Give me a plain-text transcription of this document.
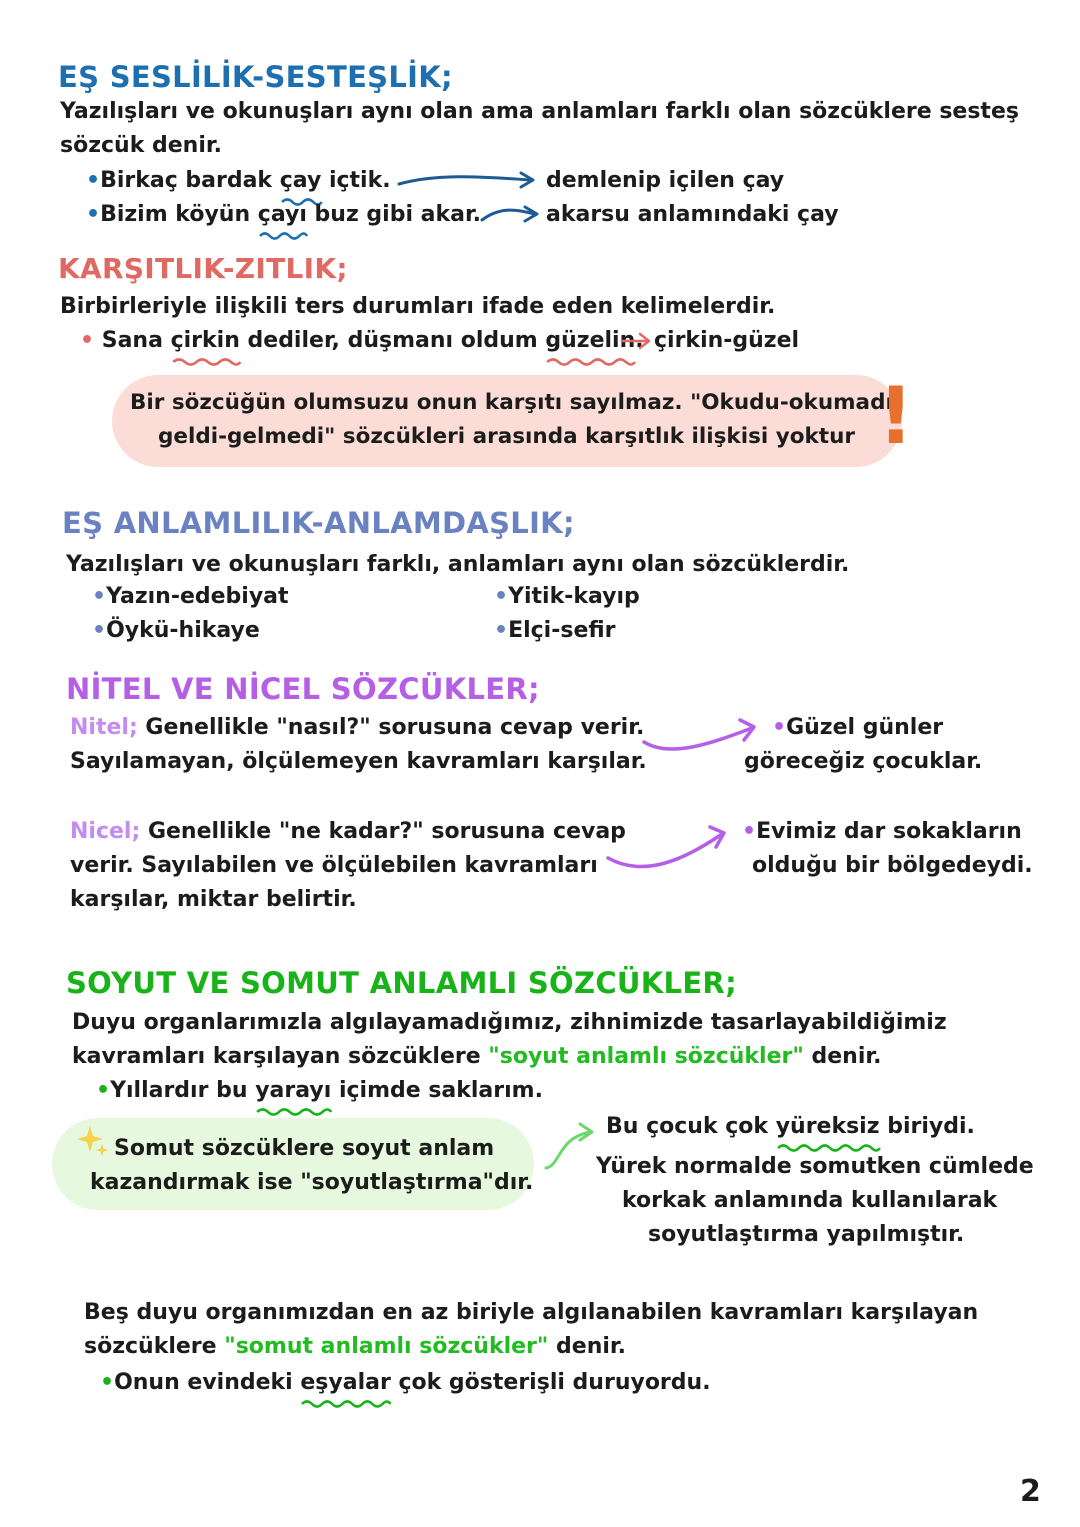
EŞ SESLİLİK-SESTEŞLİK;
Yazılışları ve okunuşları aynı olan ama anlamları farklı olan sözcüklere sesteş
sözcük denir.
•Birkaç bardak çay
içtik.	demlenip içilen çay
•Bizim köyün çayı
buz gibi akar.	akarsu anlamındaki çay
KARŞITLIK-ZITLIK;
Birbirleriyle ilişkili ters durumları ifade eden kelimelerdir.
• Sana çirkin
dediler, düşmanı oldum güzelin
. çirkin-güzel
Bir sözcüğün olumsuzu onun karşıtı sayılmaz. "Okudu-okumadı,
geldi-gelmedi" sözcükleri arasında karşıtlık ilişkisi yoktur !
EŞ ANLAMLILIK-ANLAMDAŞLIK;
Yazılışları ve okunuşları farklı, anlamları aynı olan sözcüklerdir.
•Yazın-edebiyat	•Yitik-kayıp
•Öykü-hikaye	•Elçi-sefir
NİTEL VE NİCEL SÖZCÜKLER;
Nitel; Genellikle "nasıl?" sorusuna cevap verir.
Sayılamayan, ölçülemeyen kavramları karşılar.
•Güzel günler
göreceğiz çocuklar.
Nicel; Genellikle "ne kadar?" sorusuna cevap
verir. Sayılabilen ve ölçülebilen kavramları
karşılar, miktar belirtir.
•Evimiz dar sokakların
olduğu bir bölgedeydi.
SOYUT VE SOMUT ANLAMLI SÖZCÜKLER;
Duyu organlarımızla algılayamadığımız, zihnimizde tasarlayabildiğimiz
kavramları karşılayan sözcüklere "soyut anlamlı sözcükler" denir.
•Yıllardır bu yarayı
içimde saklarım.
Somut sözcüklere soyut anlam
kazandırmak ise "soyutlaştırma"dır.
Bu çocuk çok yüreksiz
biriydi.
Yürek normalde somutken cümlede
korkak anlamında kullanılarak
soyutlaştırma yapılmıştır.
Beş duyu organımızdan en az biriyle algılanabilen kavramları karşılayan
sözcüklere "somut anlamlı sözcükler" denir.
•Onun evindeki eşyalar
çok gösterişli duruyordu.
2
